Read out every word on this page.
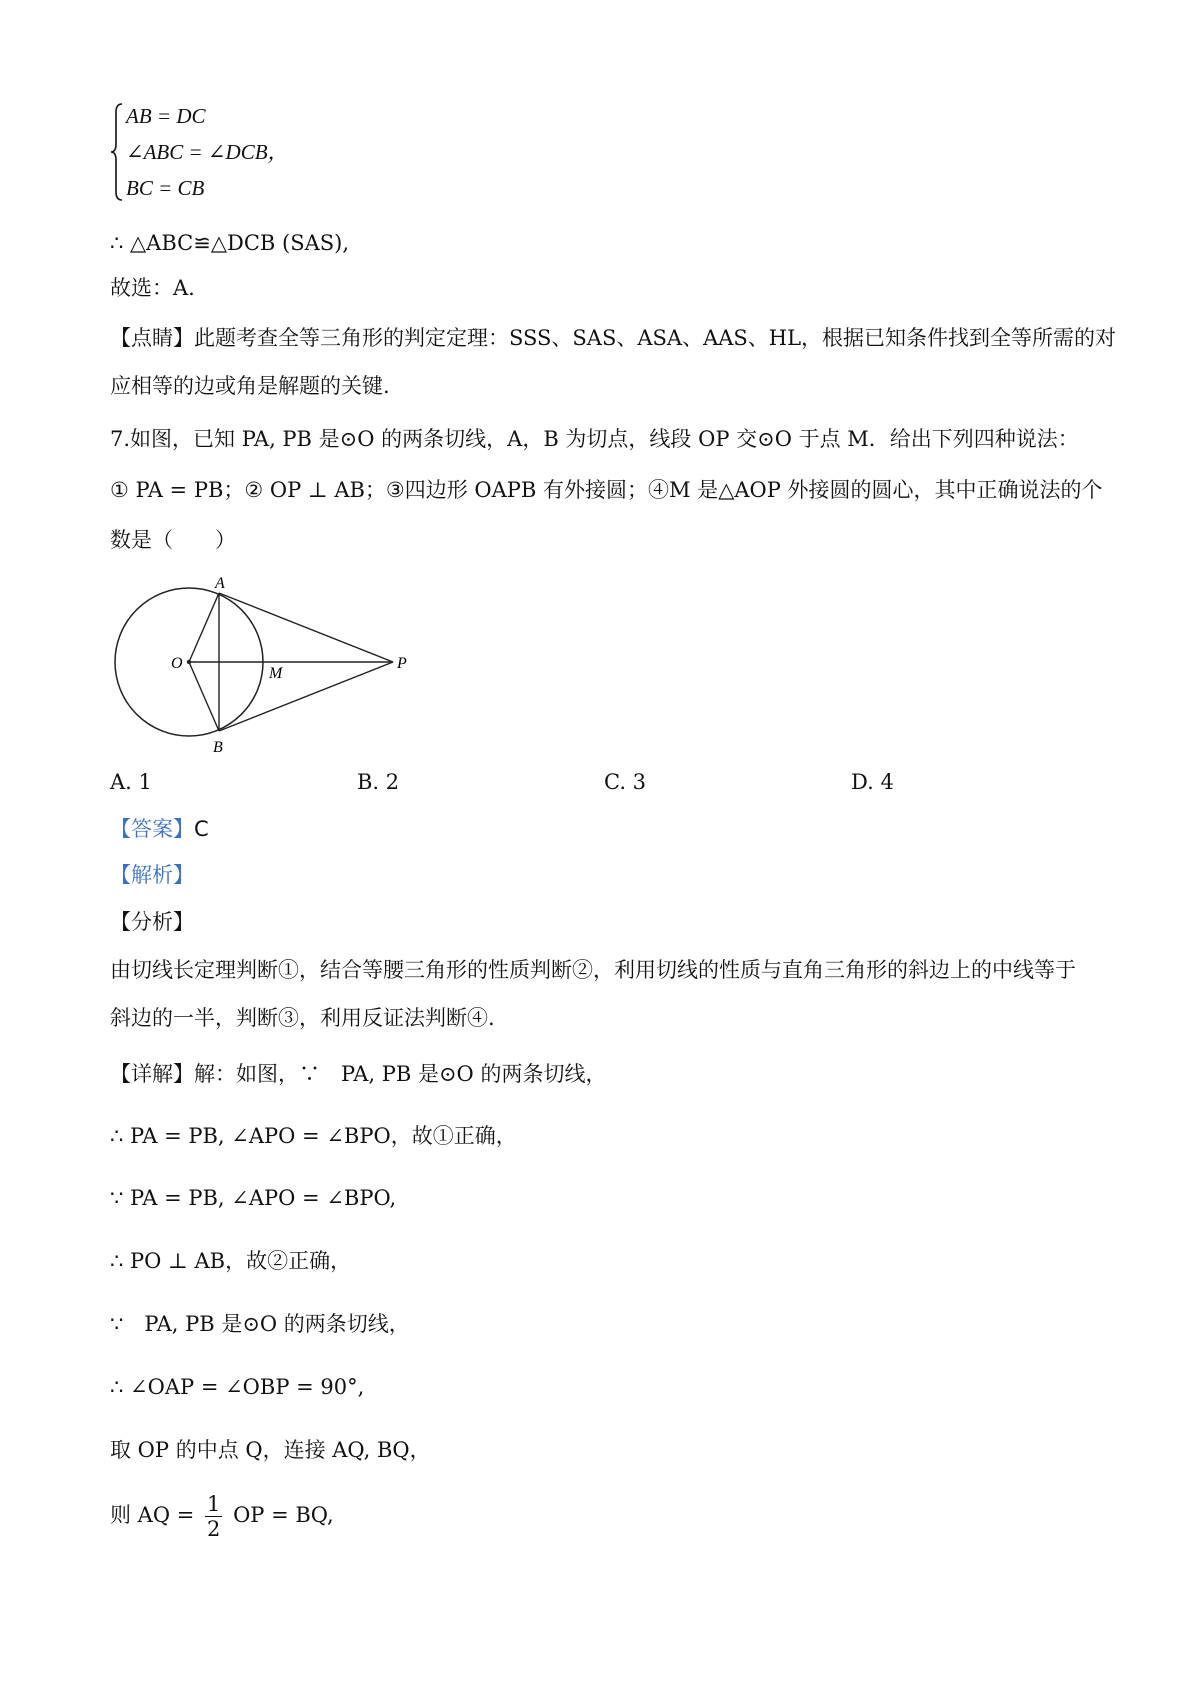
AB = DC
∠ABC = ∠DCB，
BC = CB
∴ △ABC≌△DCB (SAS),
故选：A.
【点睛】此题考查全等三角形的判定定理：SSS、SAS、ASA、AAS、HL，根据已知条件找到全等所需的对
应相等的边或角是解题的关键.
7.如图，已知 PA, PB 是⊙O 的两条切线，A，B 为切点，线段 OP 交⊙O 于点 M．给出下列四种说法：
① PA = PB；② OP ⊥ AB；③四边形 OAPB 有外接圆；④M 是△AOP 外接圆的圆心，其中正确说法的个
数是（　　）
A
B
O
M
P
A. 1	B. 2	C. 3	D. 4
【答案】C
【解析】
【分析】
由切线长定理判断①，结合等腰三角形的性质判断②，利用切线的性质与直角三角形的斜边上的中线等于
斜边的一半，判断③，利用反证法判断④.
【详解】解：如图，∵　PA, PB 是⊙O 的两条切线，
∴ PA = PB, ∠APO = ∠BPO，故①正确，
∵ PA = PB, ∠APO = ∠BPO,
∴ PO ⊥ AB，故②正确，
∵　PA, PB 是⊙O 的两条切线，
∴ ∠OAP = ∠OBP = 90°,
取 OP 的中点 Q，连接 AQ, BQ，
则 AQ = $\frac{1}{2}$ OP = BQ,
